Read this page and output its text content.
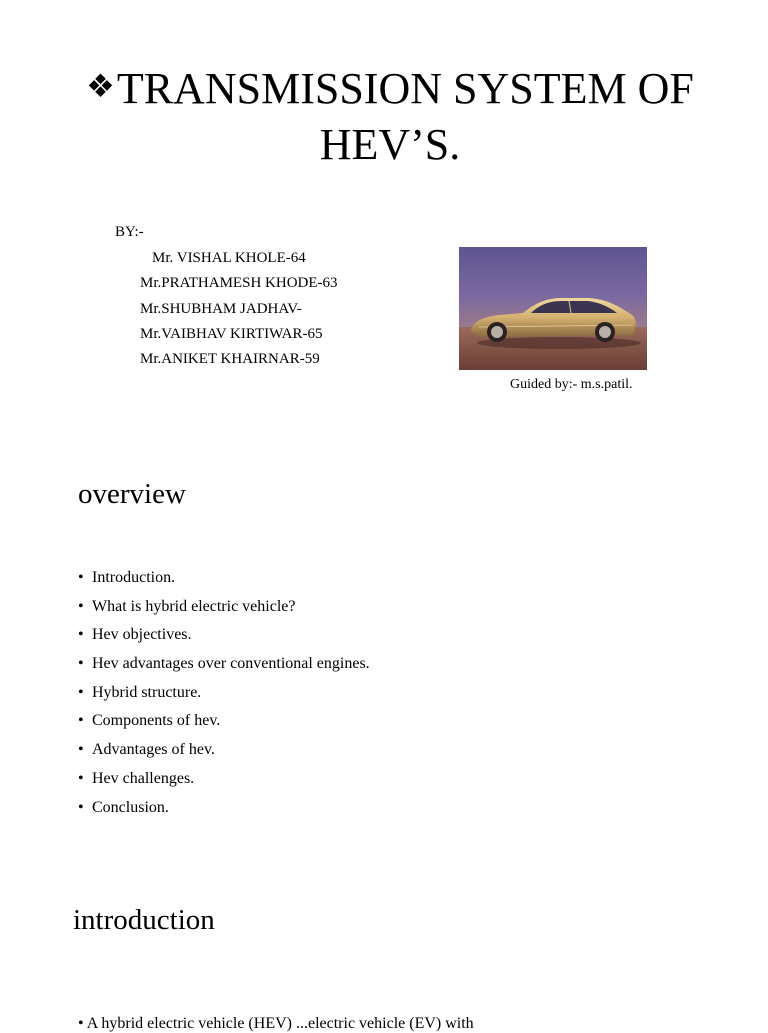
❖TRANSMISSION SYSTEM OF
HEV’S.
BY:-
Mr. VISHAL KHOLE-64
Mr.PRATHAMESH KHODE-63
Mr.SHUBHAM JADHAV-
Mr.VAIBHAV KIRTIWAR-65
Mr.ANIKET KHAIRNAR-59
Guided by:- m.s.patil.
overview
• Introduction.
• What is hybrid electric vehicle?
• Hev objectives.
• Hev advantages over conventional engines.
• Hybrid structure.
• Components of hev.
• Advantages of hev.
• Hev challenges.
• Conclusion.
introduction
• A hybrid electric vehicle (HEV) ...electric vehicle (EV) with
